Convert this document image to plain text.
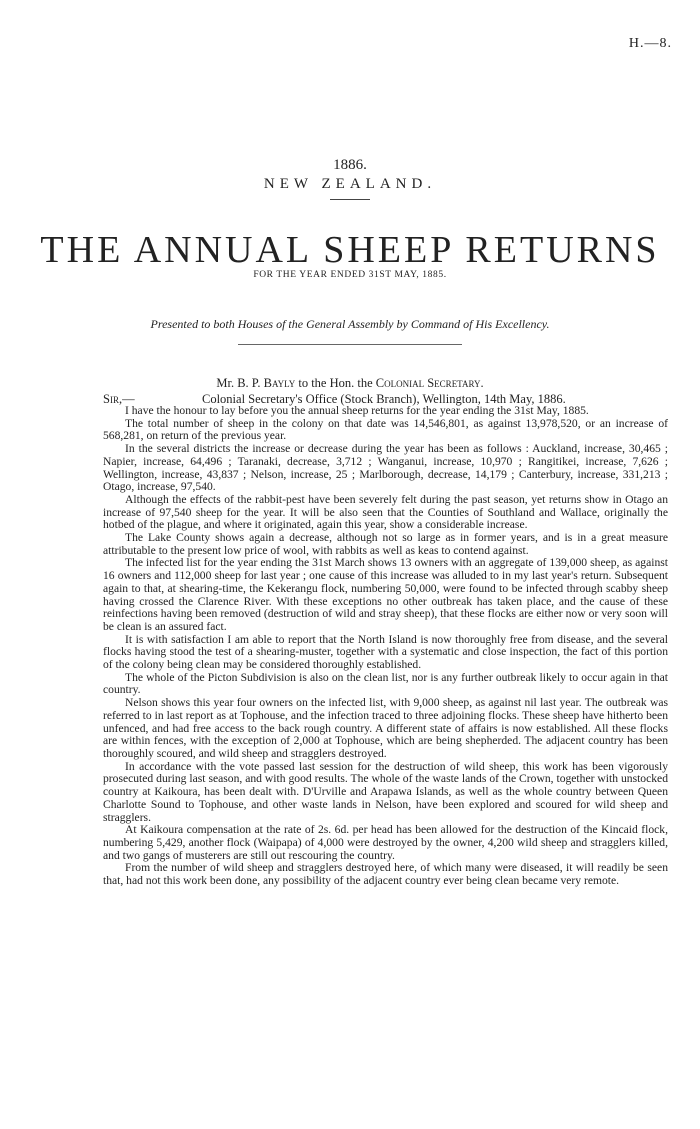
H.—8.
1886.
NEW ZEALAND.
THE ANNUAL SHEEP RETURNS
FOR THE YEAR ENDED 31ST MAY, 1885.
Presented to both Houses of the General Assembly by Command of His Excellency.
Mr. B. P. Bayly to the Hon. the Colonial Secretary.
Sir,—	Colonial Secretary's Office (Stock Branch), Wellington, 14th May, 1886.

I have the honour to lay before you the annual sheep returns for the year ending the 31st May, 1885.

The total number of sheep in the colony on that date was 14,546,801, as against 13,978,520, or an increase of 568,281, on return of the previous year.

In the several districts the increase or decrease during the year has been as follows : Auckland, increase, 30,465 ; Napier, increase, 64,496 ; Taranaki, decrease, 3,712 ; Wanganui, increase, 10,970 ; Rangitikei, increase, 7,626 ; Wellington, increase, 43,837 ; Nelson, increase, 25 ; Marlborough, decrease, 14,179 ; Canterbury, increase, 331,213 ; Otago, increase, 97,540.

Although the effects of the rabbit-pest have been severely felt during the past season, yet returns show in Otago an increase of 97,540 sheep for the year. It will be also seen that the Counties of Southland and Wallace, originally the hotbed of the plague, and where it originated, again this year, show a considerable increase.

The Lake County shows again a decrease, although not so large as in former years, and is in a great measure attributable to the present low price of wool, with rabbits as well as keas to contend against.

The infected list for the year ending the 31st March shows 13 owners with an aggregate of 139,000 sheep, as against 16 owners and 112,000 sheep for last year ; one cause of this increase was alluded to in my last year's return. Subsequent again to that, at shearing-time, the Kekerangu flock, numbering 50,000, were found to be infected through scabby sheep having crossed the Clarence River. With these exceptions no other outbreak has taken place, and the cause of these reinfections having been removed (destruction of wild and stray sheep), that these flocks are either now or very soon will be clean is an assured fact.

It is with satisfaction I am able to report that the North Island is now thoroughly free from disease, and the several flocks having stood the test of a shearing-muster, together with a systematic and close inspection, the fact of this portion of the colony being clean may be considered thoroughly established.

The whole of the Picton Subdivision is also on the clean list, nor is any further outbreak likely to occur again in that country.

Nelson shows this year four owners on the infected list, with 9,000 sheep, as against nil last year. The outbreak was referred to in last report as at Tophouse, and the infection traced to three adjoining flocks. These sheep have hitherto been unfenced, and had free access to the back rough country. A different state of affairs is now established. All these flocks are within fences, with the exception of 2,000 at Tophouse, which are being shepherded. The adjacent country has been thoroughly scoured, and wild sheep and stragglers destroyed.

In accordance with the vote passed last session for the destruction of wild sheep, this work has been vigorously prosecuted during last season, and with good results. The whole of the waste lands of the Crown, together with unstocked country at Kaikoura, has been dealt with. D'Urville and Arapawa Islands, as well as the whole country between Queen Charlotte Sound to Tophouse, and other waste lands in Nelson, have been explored and scoured for wild sheep and stragglers.

At Kaikoura compensation at the rate of 2s. 6d. per head has been allowed for the destruction of the Kincaid flock, numbering 5,429, another flock (Waipapa) of 4,000 were destroyed by the owner, 4,200 wild sheep and stragglers killed, and two gangs of musterers are still out rescouring the country.

From the number of wild sheep and stragglers destroyed here, of which many were diseased, it will readily be seen that, had not this work been done, any possibility of the adjacent country ever being clean became very remote.
